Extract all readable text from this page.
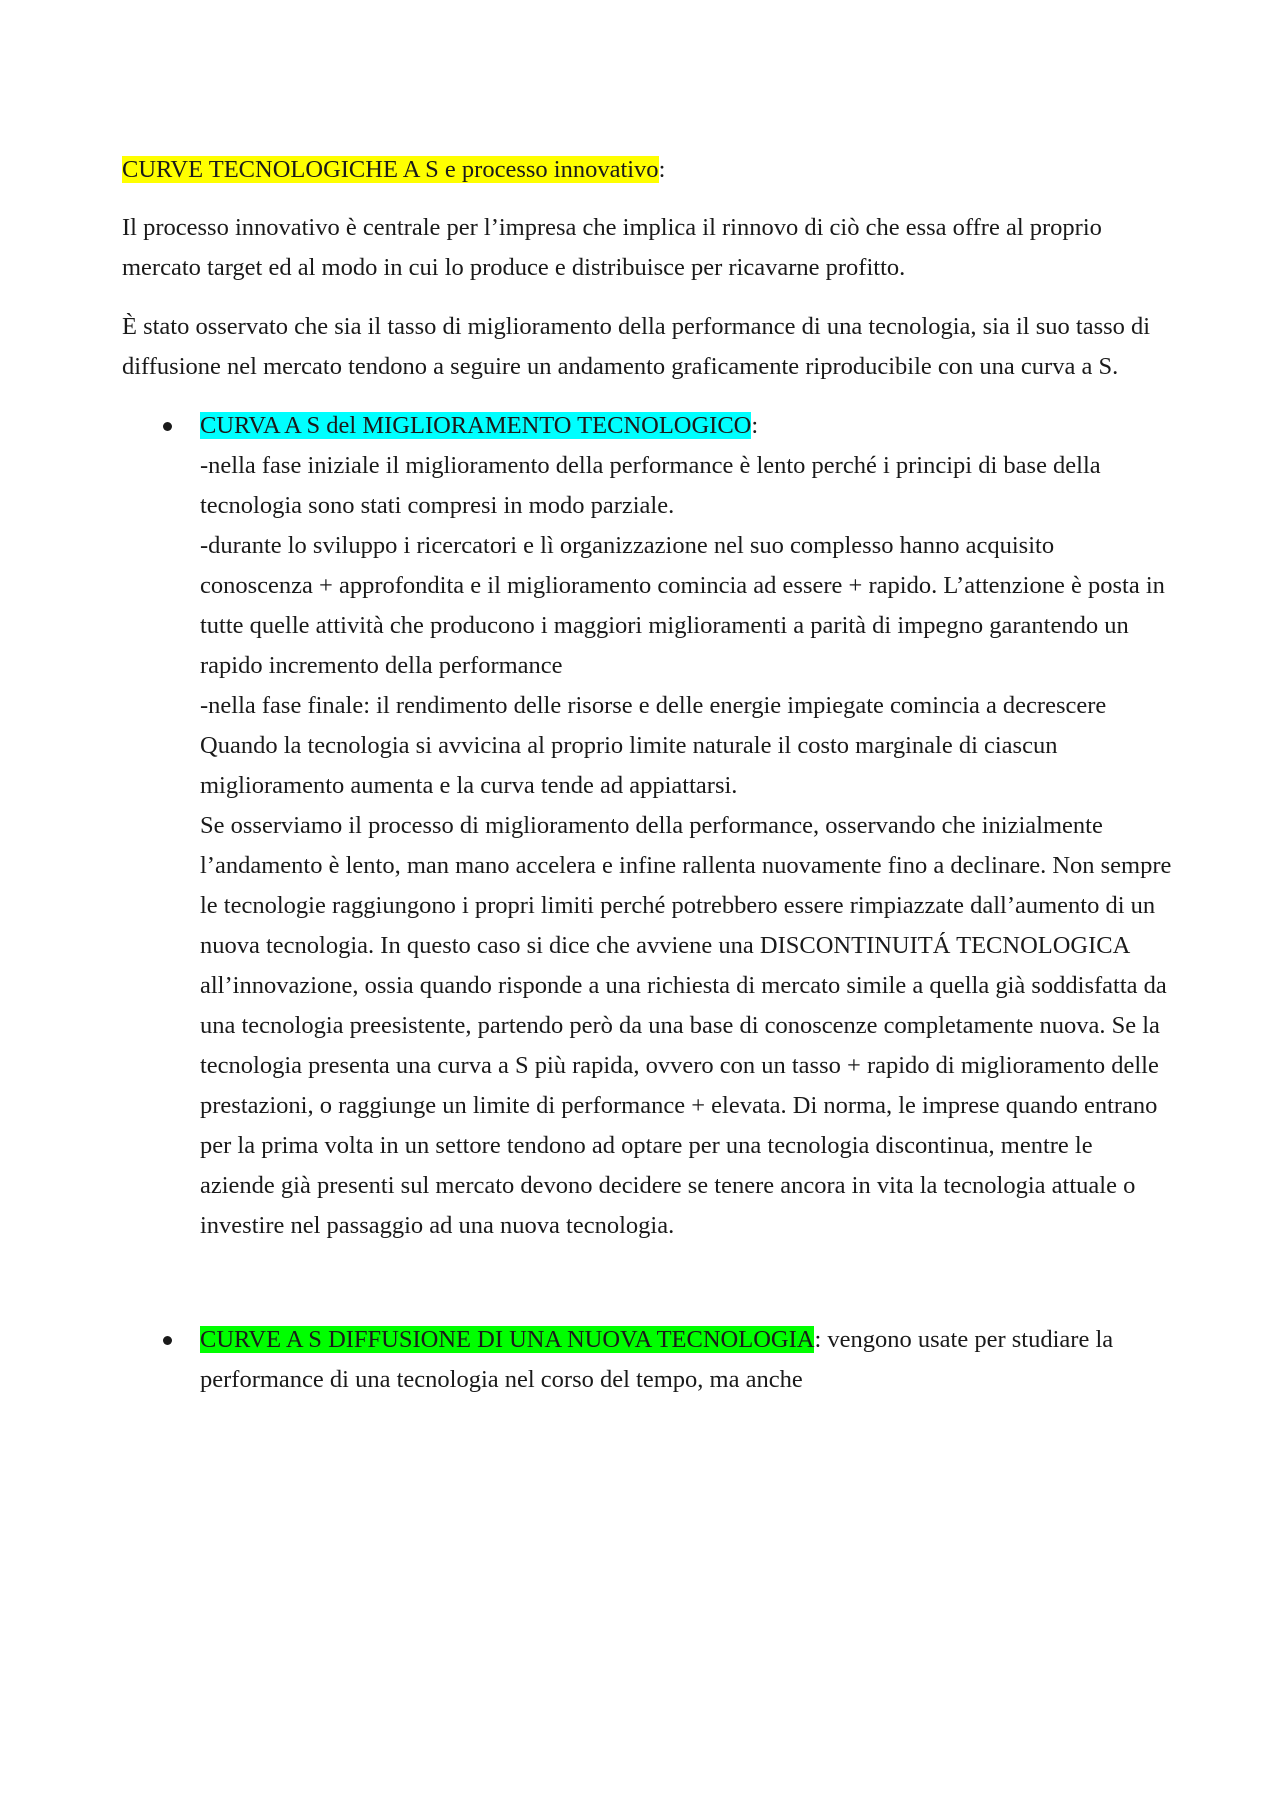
CURVE TECNOLOGICHE A S e processo innovativo:

Il processo innovativo è centrale per l’impresa che implica il rinnovo di ciò che essa offre al proprio mercato target ed al modo in cui lo produce e distribuisce per ricavarne profitto.

È stato osservato che sia il tasso di miglioramento della performance di una tecnologia, sia il suo tasso di diffusione nel mercato tendono a seguire un andamento graficamente riproducibile con una curva a S.

CURVA A S del MIGLIORAMENTO TECNOLOGICO:
-nella fase iniziale il miglioramento della performance è lento perché i principi di base della tecnologia sono stati compresi in modo parziale.
-durante lo sviluppo i ricercatori e lì organizzazione nel suo complesso hanno acquisito conoscenza + approfondita e il miglioramento comincia ad essere + rapido. L’attenzione è posta in tutte quelle attività che producono i maggiori miglioramenti a parità di impegno garantendo un rapido incremento della performance
-nella fase finale: il rendimento delle risorse e delle energie impiegate comincia a decrescere
Quando la tecnologia si avvicina al proprio limite naturale il costo marginale di ciascun miglioramento aumenta e la curva tende ad appiattarsi.
Se osserviamo il processo di miglioramento della performance, osservando che inizialmente l’andamento è lento, man mano accelera e infine rallenta nuovamente fino a declinare. Non sempre le tecnologie raggiungono i propri limiti perché potrebbero essere rimpiazzate dall’aumento di un nuova tecnologia. In questo caso si dice che avviene una DISCONTINUITÁ TECNOLOGICA all’innovazione, ossia quando risponde a una richiesta di mercato simile a quella già soddisfatta da una tecnologia preesistente, partendo però da una base di conoscenze completamente nuova. Se la tecnologia presenta una curva a S più rapida, ovvero con un tasso + rapido di miglioramento delle prestazioni, o raggiunge un limite di performance + elevata. Di norma, le imprese quando entrano per la prima volta in un settore tendono ad optare per una tecnologia discontinua, mentre le aziende già presenti sul mercato devono decidere se tenere ancora in vita la tecnologia attuale o investire nel passaggio ad una nuova tecnologia.
CURVE A S DIFFUSIONE DI UNA NUOVA TECNOLOGIA: vengono usate per studiare la performance di una tecnologia nel corso del tempo, ma anche
